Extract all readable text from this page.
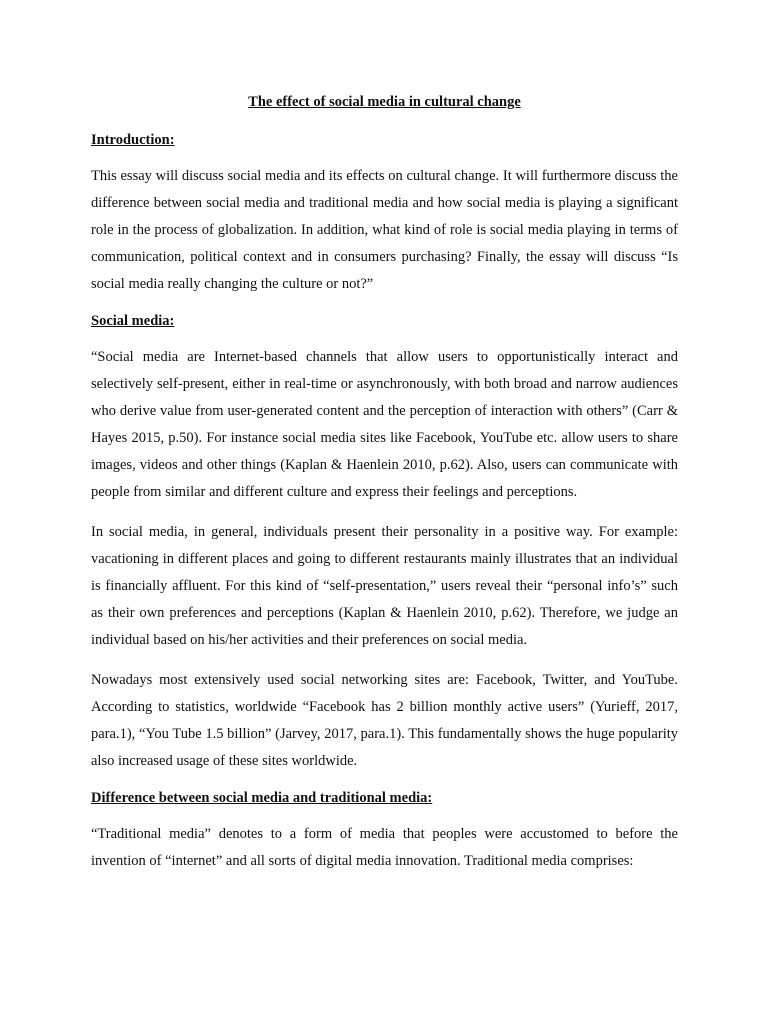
The effect of social media in cultural change
Introduction:

This essay will discuss social media and its effects on cultural change. It will furthermore discuss the difference between social media and traditional media and how social media is playing a significant role in the process of globalization. In addition, what kind of role is social media playing in terms of communication, political context and in consumers purchasing? Finally, the essay will discuss “Is social media really changing the culture or not?”

Social media:

“Social media are Internet-based channels that allow users to opportunistically interact and selectively self-present, either in real-time or asynchronously, with both broad and narrow audiences who derive value from user-generated content and the perception of interaction with others” (Carr & Hayes 2015, p.50). For instance social media sites like Facebook, YouTube etc. allow users to share images, videos and other things (Kaplan & Haenlein 2010, p.62). Also, users can communicate with people from similar and different culture and express their feelings and perceptions.

In social media, in general, individuals present their personality in a positive way. For example: vacationing in different places and going to different restaurants mainly illustrates that an individual is financially affluent. For this kind of “self-presentation,” users reveal their “personal info’s” such as their own preferences and perceptions (Kaplan & Haenlein 2010, p.62). Therefore, we judge an individual based on his/her activities and their preferences on social media.

Nowadays most extensively used social networking sites are: Facebook, Twitter, and YouTube. According to statistics, worldwide “Facebook has 2 billion monthly active users” (Yurieff, 2017, para.1), “You Tube 1.5 billion” (Jarvey, 2017, para.1). This fundamentally shows the huge popularity also increased usage of these sites worldwide.

Difference between social media and traditional media:

“Traditional media” denotes to a form of media that peoples were accustomed to before the invention of “internet” and all sorts of digital media innovation. Traditional media comprises:
